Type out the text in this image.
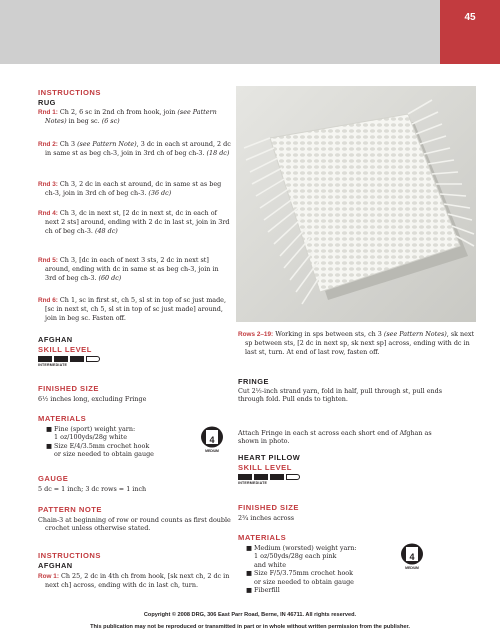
45
INSTRUCTIONS
RUG

Rnd 1: Ch 2, 6 sc in 2nd ch from hook, join (see Pattern Notes) in beg sc. (6 sc)

Rnd 2: Ch 3 (see Pattern Note), 3 dc in each st around, 2 dc in same st as beg ch-3, join in 3rd ch of beg ch-3. (18 dc)

Rnd 3: Ch 3, 2 dc in each st around, dc in same st as beg ch-3, join in 3rd ch of beg ch-3. (36 dc)

Rnd 4: Ch 3, dc in next st, [2 dc in next st, dc in each of next 2 sts] around, ending with 2 dc in last st, join in 3rd ch of beg ch-3. (48 dc)

Rnd 5: Ch 3, [dc in each of next 3 sts, 2 dc in next st] around, ending with dc in same st as beg ch-3, join in 3rd of beg ch-3. (60 dc)

Rnd 6: Ch 1, sc in first st, ch 5, sl st in top of sc just made, [sc in next st, ch 5, sl st in top of sc just made] around, join in beg sc. Fasten off.

AFGHAN
SKILL LEVEL
INTERMEDIATE
FINISHED SIZE

6½ inches long, excluding Fringe

MATERIALS
■ Fine (sport) weight yarn:
1 oz/100yds/28g white
■ Size E/4/3.5mm crochet hook
or size needed to obtain gauge
4
MEDIUM
GAUGE

5 dc = 1 inch; 3 dc rows = 1 inch

PATTERN NOTE

Chain-3 at beginning of row or round counts as first double crochet unless otherwise stated.

INSTRUCTIONS
AFGHAN

Row 1: Ch 25, 2 dc in 4th ch from hook, [sk next ch, 2 dc in next ch] across, ending with dc in last ch, turn.

Rows 2–19: Working in sps between sts, ch 3 (see Pattern Notes), sk next sp between sts, [2 dc in next sp, sk next sp] across, ending with dc in last st, turn. At end of last row, fasten off.

FRINGE

Cut 2½-inch strand yarn, fold in half, pull through st, pull ends through fold. Pull ends to tighten.

Attach Fringe in each st across each short end of Afghan as shown in photo.

HEART PILLOW
SKILL LEVEL
INTERMEDIATE
FINISHED SIZE

2¾ inches across

MATERIALS
■ Medium (worsted) weight yarn:
1 oz/50yds/28g each pink
and white
■ Size F/5/3.75mm crochet hook
or size needed to obtain gauge
■ Fiberfill
4
MEDIUM

Copyright © 2008 DRG, 306 East Parr Road, Berne, IN 46711. All rights reserved.

This publication may not be reproduced or transmitted in part or in whole without written permission from the publisher.
